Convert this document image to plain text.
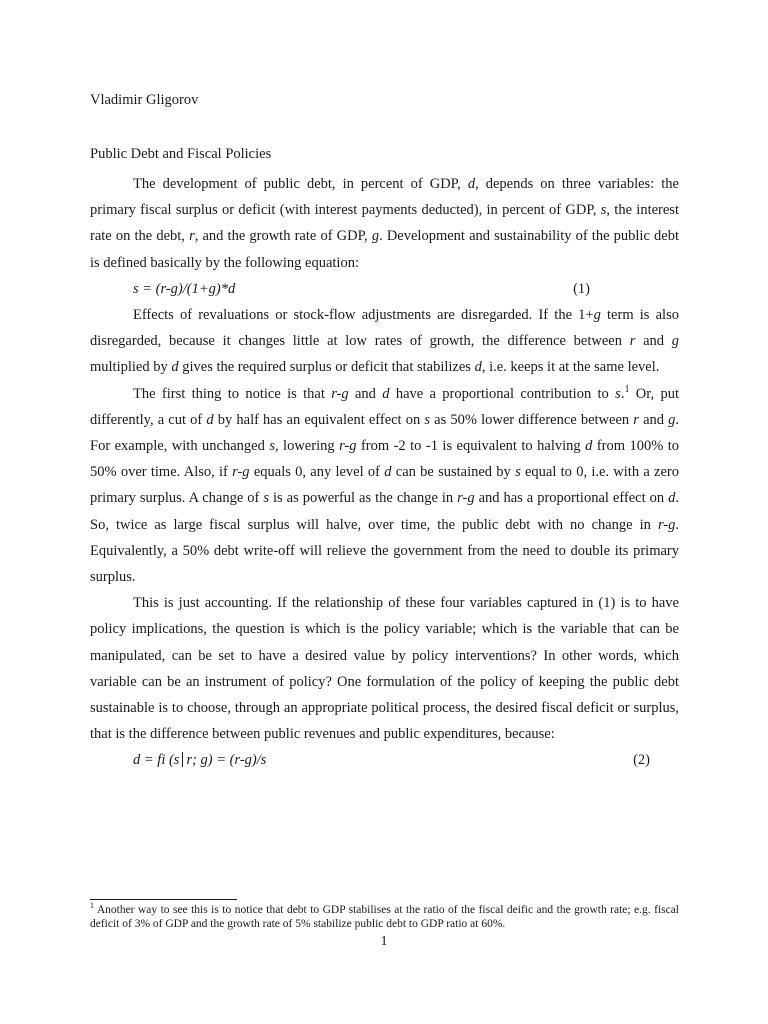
Vladimir Gligorov
Public Debt and Fiscal Policies

The development of public debt, in percent of GDP, d, depends on three variables: the primary fiscal surplus or deficit (with interest payments deducted), in percent of GDP, s, the interest rate on the debt, r, and the growth rate of GDP, g. Development and sustainability of the public debt is defined basically by the following equation:

s = (r-g)/(1+g)*d	(1)

Effects of revaluations or stock-flow adjustments are disregarded. If the 1+g term is also disregarded, because it changes little at low rates of growth, the difference between r and g multiplied by d gives the required surplus or deficit that stabilizes d, i.e. keeps it at the same level.

The first thing to notice is that r-g and d have a proportional contribution to s.$^1$ Or, put differently, a cut of d by half has an equivalent effect on s as 50% lower difference between r and g. For example, with unchanged s, lowering r-g from -2 to -1 is equivalent to halving d from 100% to 50% over time. Also, if r-g equals 0, any level of d can be sustained by s equal to 0, i.e. with a zero primary surplus. A change of s is as powerful as the change in r-g and has a proportional effect on d. So, twice as large fiscal surplus will halve, over time, the public debt with no change in r-g. Equivalently, a 50% debt write-off will relieve the government from the need to double its primary surplus.

This is just accounting. If the relationship of these four variables captured in (1) is to have policy implications, the question is which is the policy variable; which is the variable that can be manipulated, can be set to have a desired value by policy interventions? In other words, which variable can be an instrument of policy? One formulation of the policy of keeping the public debt sustainable is to choose, through an appropriate political process, the desired fiscal deficit or surplus, that is the difference between public revenues and public expenditures, because:

d = fi (s r; g) = (r-g)/s	(2)
$^1$ Another way to see this is to notice that debt to GDP stabilises at the ratio of the fiscal deific and the growth rate; e.g. fiscal deficit of 3% of GDP and the growth rate of 5% stabilize public debt to GDP ratio at 60%.
1
